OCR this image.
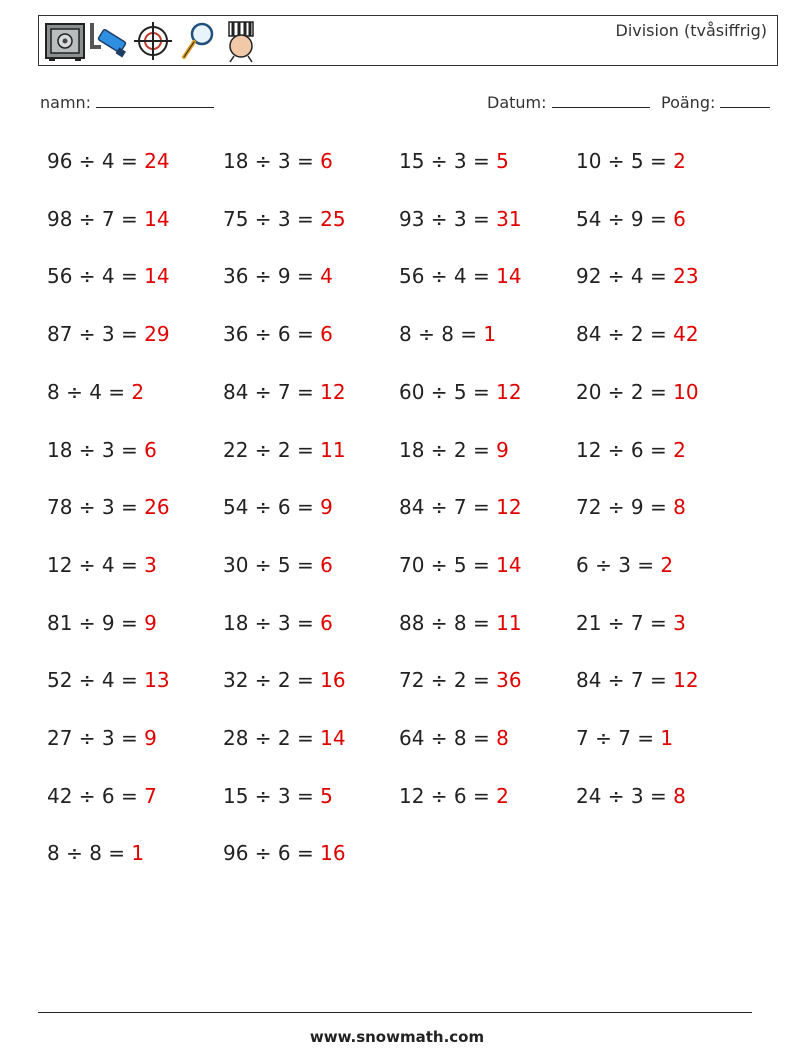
Division (tvåsiffrig)
namn:	Datum:	Poäng:
96 ÷ 4 = 24
98 ÷ 7 = 14
56 ÷ 4 = 14
87 ÷ 3 = 29
8 ÷ 4 = 2
18 ÷ 3 = 6
78 ÷ 3 = 26
12 ÷ 4 = 3
81 ÷ 9 = 9
52 ÷ 4 = 13
27 ÷ 3 = 9
42 ÷ 6 = 7
8 ÷ 8 = 1
18 ÷ 3 = 6
75 ÷ 3 = 25
36 ÷ 9 = 4
36 ÷ 6 = 6
84 ÷ 7 = 12
22 ÷ 2 = 11
54 ÷ 6 = 9
30 ÷ 5 = 6
18 ÷ 3 = 6
32 ÷ 2 = 16
28 ÷ 2 = 14
15 ÷ 3 = 5
96 ÷ 6 = 16
15 ÷ 3 = 5
93 ÷ 3 = 31
56 ÷ 4 = 14
8 ÷ 8 = 1
60 ÷ 5 = 12
18 ÷ 2 = 9
84 ÷ 7 = 12
70 ÷ 5 = 14
88 ÷ 8 = 11
72 ÷ 2 = 36
64 ÷ 8 = 8
12 ÷ 6 = 2
10 ÷ 5 = 2
54 ÷ 9 = 6
92 ÷ 4 = 23
84 ÷ 2 = 42
20 ÷ 2 = 10
12 ÷ 6 = 2
72 ÷ 9 = 8
6 ÷ 3 = 2
21 ÷ 7 = 3
84 ÷ 7 = 12
7 ÷ 7 = 1
24 ÷ 3 = 8
www.snowmath.com
